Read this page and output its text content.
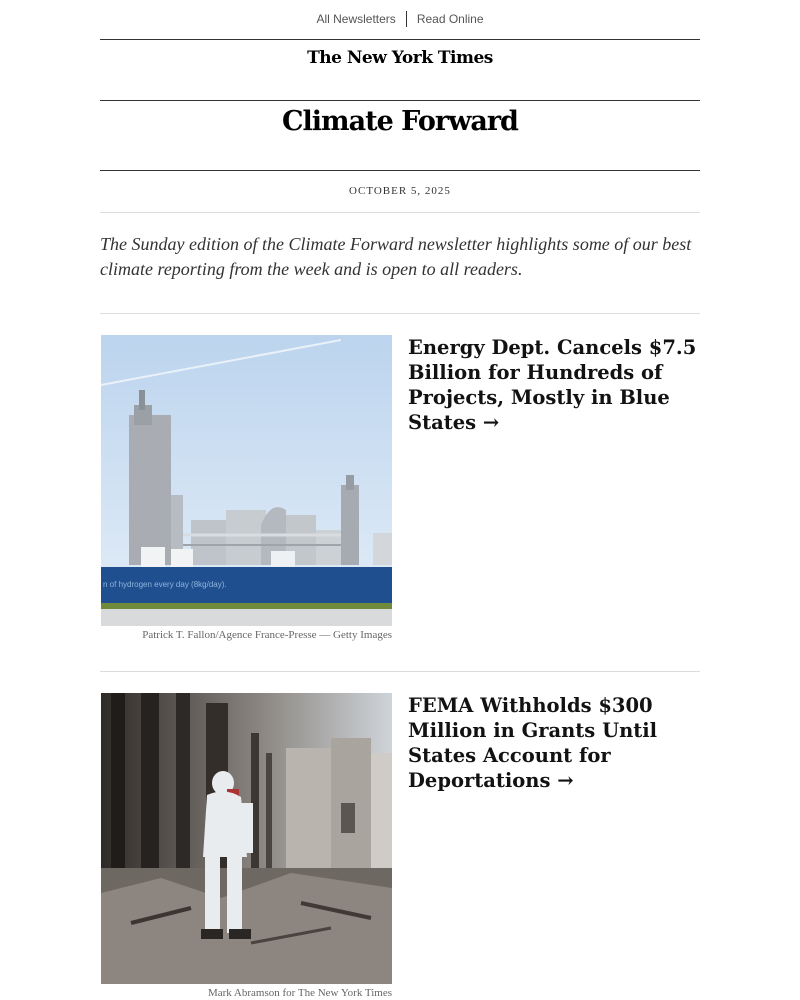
All Newsletters Read Online
The New York Times
Climate Forward
OCTOBER 5, 2025
The Sunday edition of the Climate Forward newsletter highlights some of our best climate reporting from the week and is open to all readers.
n of hydrogen every day (8kg/day).
Patrick T. Fallon/Agence France-Presse — Getty Images
Energy Dept. Cancels $7.5 Billion for Hundreds of Projects, Mostly in Blue States →
Mark Abramson for The New York Times
FEMA Withholds $300 Million in Grants Until States Account for Deportations →
